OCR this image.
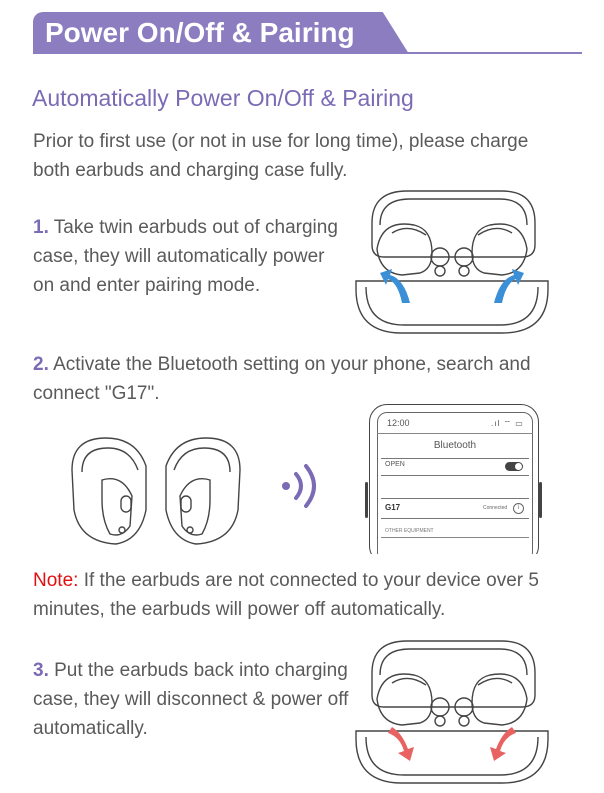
Power On/Off & Pairing
Automatically Power On/Off & Pairing
Prior to first use (or not in use for long time), please charge
both earbuds and charging case fully.
1. Take twin earbuds out of charging
case, they will automatically power
on and enter pairing mode.
2. Activate the Bluetooth setting on your phone, search and
connect "G17".
12:00	.ıl ⌔ ▭
Bluetooth
OPEN
G17	Connected	i
OTHER EQUIPMENT
Note: If the earbuds are not connected to your device over 5
minutes, the earbuds will power off automatically.
3. Put the earbuds back into charging
case, they will disconnect & power off
automatically.
